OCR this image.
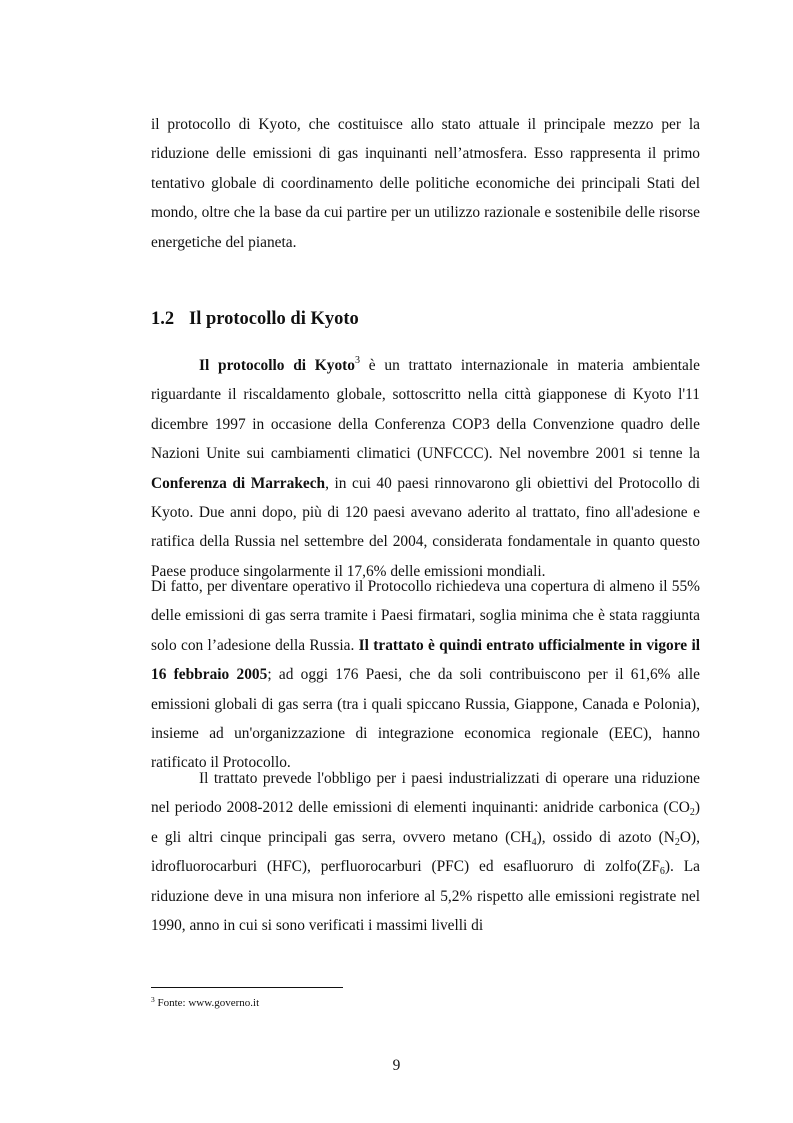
il protocollo di Kyoto, che costituisce allo stato attuale il principale mezzo per la riduzione delle emissioni di gas inquinanti nell’atmosfera. Esso rappresenta il primo tentativo globale di coordinamento delle politiche economiche dei principali Stati del mondo, oltre che la base da cui partire per un utilizzo razionale e sostenibile delle risorse energetiche del pianeta.

1.2 Il protocollo di Kyoto

Il protocollo di Kyoto$^3$ è un trattato internazionale in materia ambientale riguardante il riscaldamento globale, sottoscritto nella città giapponese di Kyoto l'11 dicembre 1997 in occasione della Conferenza COP3 della Convenzione quadro delle Nazioni Unite sui cambiamenti climatici (UNFCCC). Nel novembre 2001 si tenne la Conferenza di Marrakech, in cui 40 paesi rinnovarono gli obiettivi del Protocollo di Kyoto. Due anni dopo, più di 120 paesi avevano aderito al trattato, fino all'adesione e ratifica della Russia nel settembre del 2004, considerata fondamentale in quanto questo Paese produce singolarmente il 17,6% delle emissioni mondiali.

Di fatto, per diventare operativo il Protocollo richiedeva una copertura di almeno il 55% delle emissioni di gas serra tramite i Paesi firmatari, soglia minima che è stata raggiunta solo con l’adesione della Russia. Il trattato è quindi entrato ufficialmente in vigore il 16 febbraio 2005; ad oggi 176 Paesi, che da soli contribuiscono per il 61,6% alle emissioni globali di gas serra (tra i quali spiccano Russia, Giappone, Canada e Polonia), insieme ad un'organizzazione di integrazione economica regionale (EEC), hanno ratificato il Protocollo.

Il trattato prevede l'obbligo per i paesi industrializzati di operare una riduzione nel periodo 2008-2012 delle emissioni di elementi inquinanti: anidride carbonica $(CO_2)$ e gli altri cinque principali gas serra, ovvero metano $(CH_4)$, ossido di azoto $(N_2O)$, idrofluorocarburi (HFC), perfluorocarburi (PFC) ed esafluoruro di $zolfo(ZF_6)$. La riduzione deve in una misura non inferiore al 5,2% rispetto alle emissioni registrate nel 1990, anno in cui si sono verificati i massimi livelli di

$^3$ Fonte: www.governo.it

9
